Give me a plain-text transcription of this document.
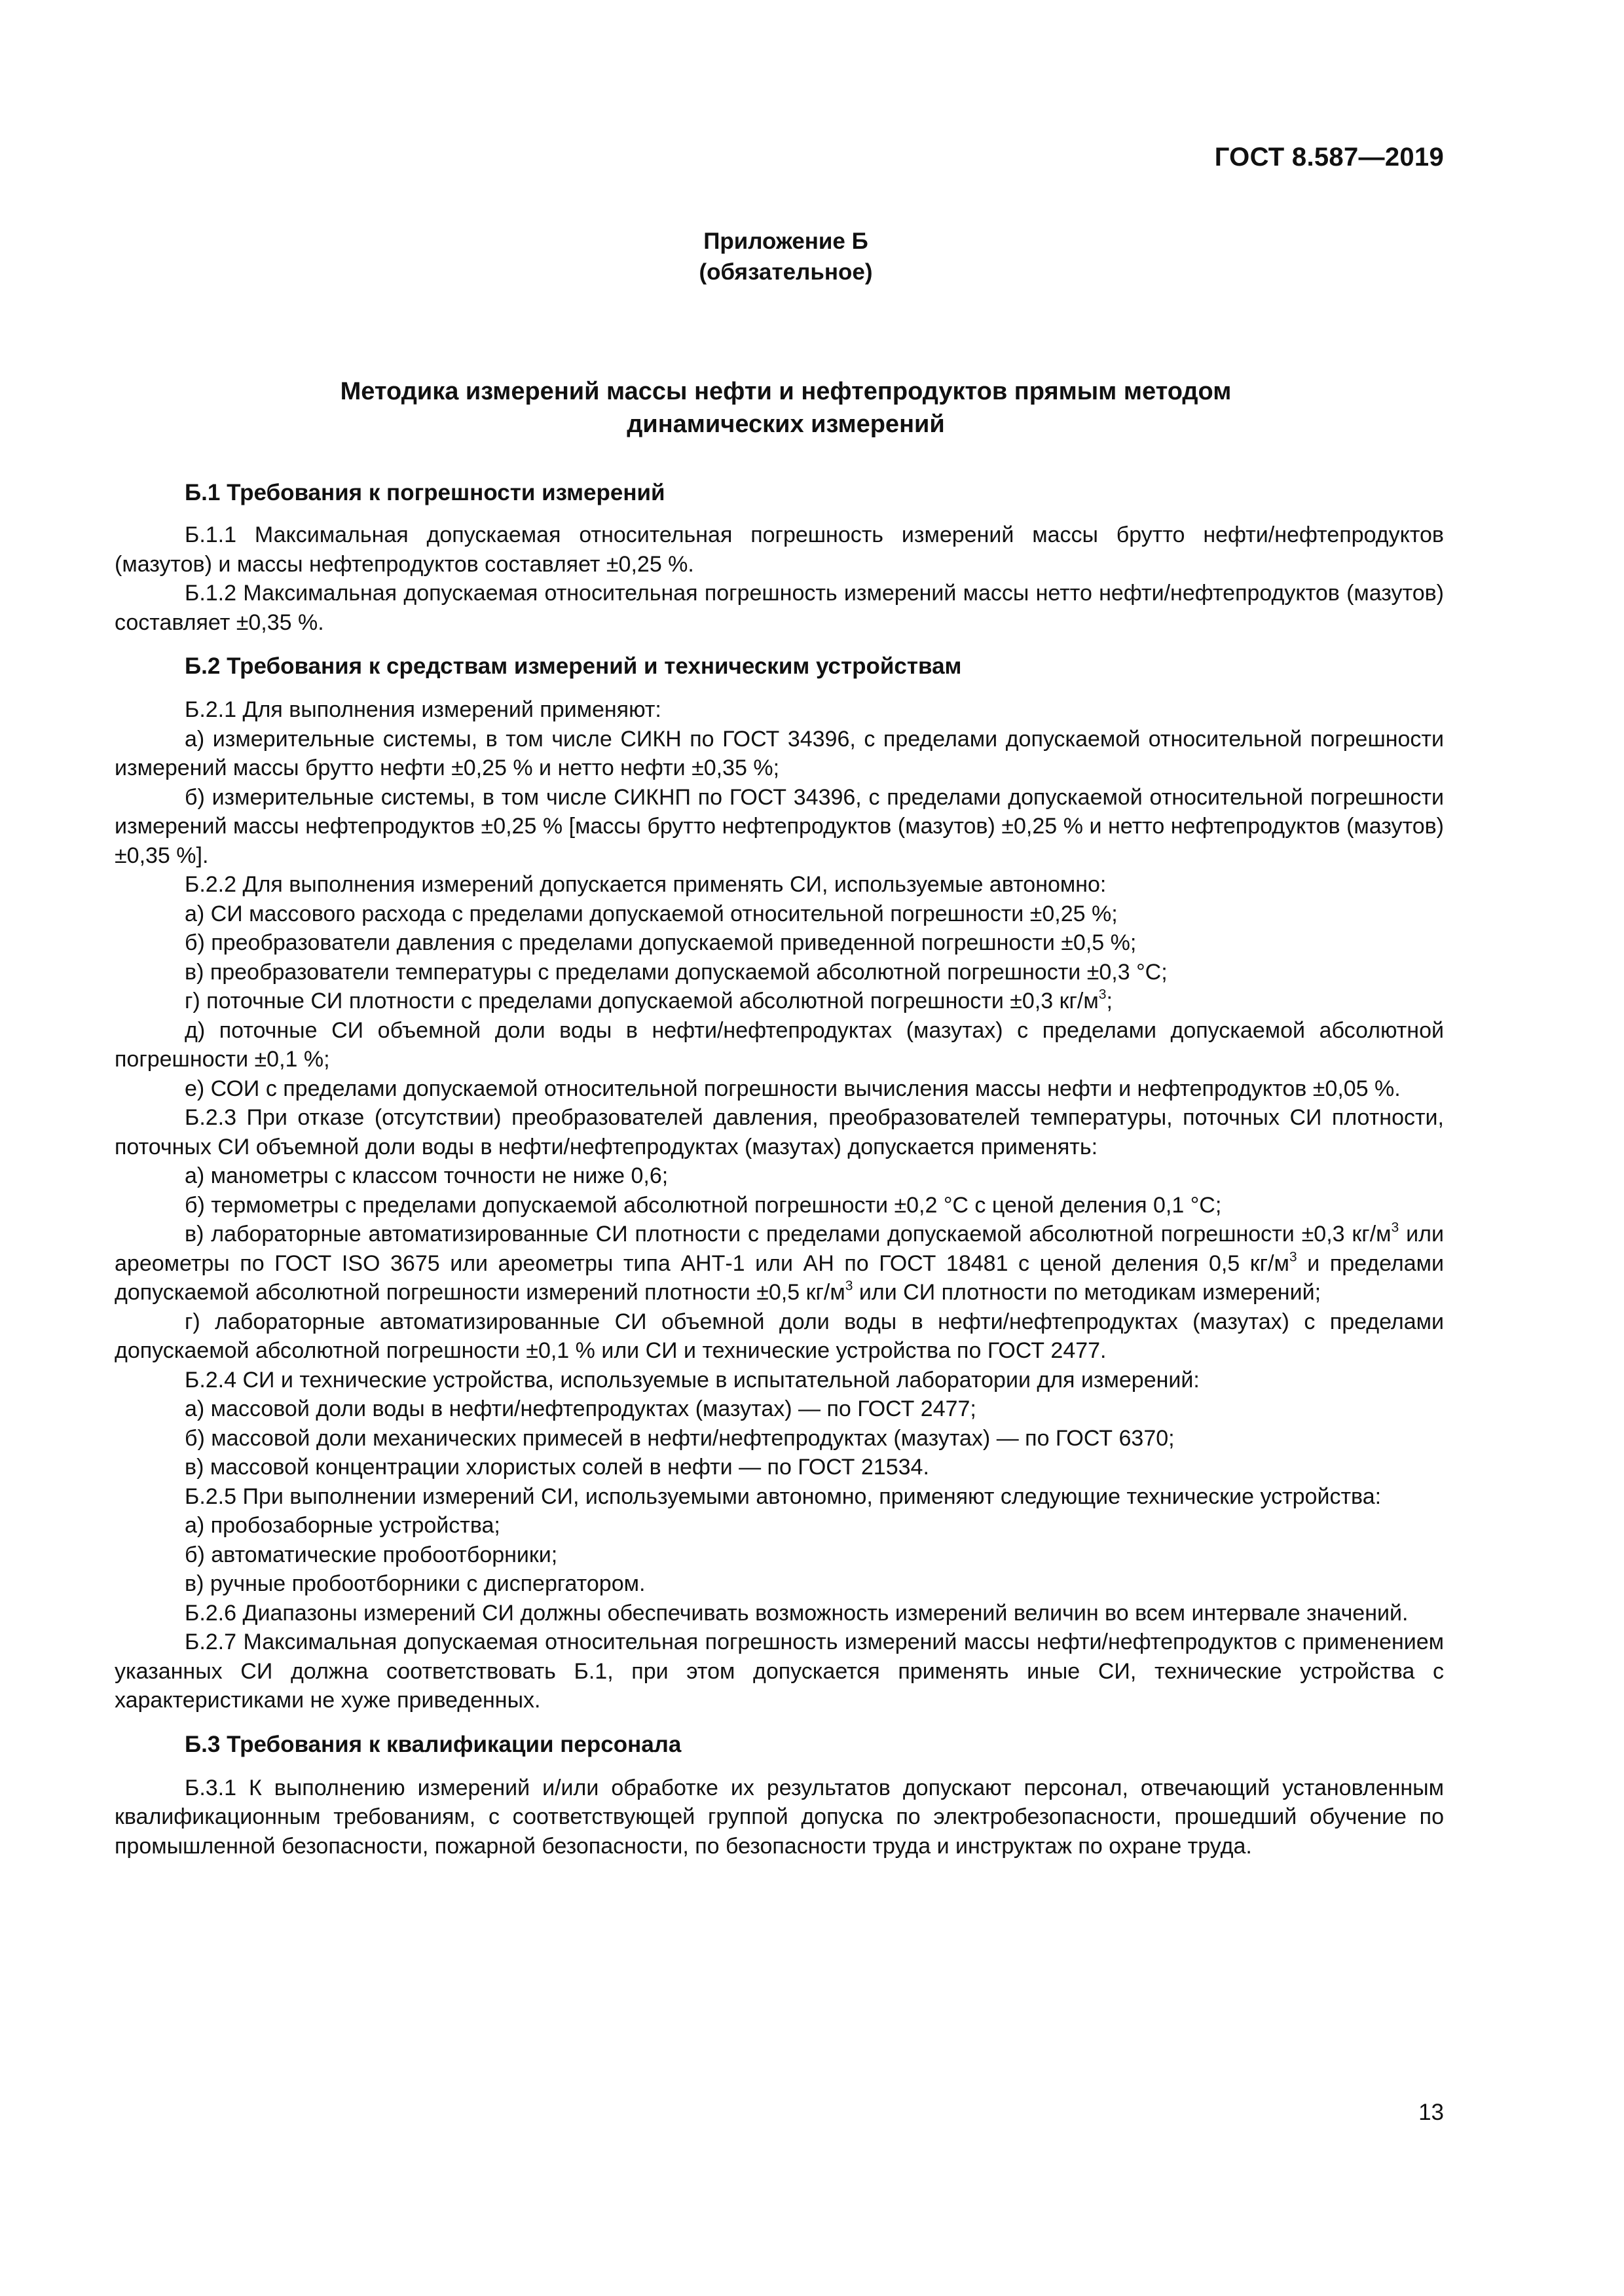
ГОСТ 8.587—2019
Приложение Б
(обязательное)
Методика измерений массы нефти и нефтепродуктов прямым методом
динамических измерений
Б.1 Требования к погрешности измерений

Б.1.1 Максимальная допускаемая относительная погрешность измерений массы брутто нефти/нефтепродуктов (мазутов) и массы нефтепродуктов составляет ±0,25 %.

Б.1.2 Максимальная допускаемая относительная погрешность измерений массы нетто нефти/нефтепродуктов (мазутов) составляет ±0,35 %.

Б.2 Требования к средствам измерений и техническим устройствам

Б.2.1 Для выполнения измерений применяют:

а) измерительные системы, в том числе СИКН по ГОСТ 34396, с пределами допускаемой относительной погрешности измерений массы брутто нефти ±0,25 % и нетто нефти ±0,35 %;

б) измерительные системы, в том числе СИКНП по ГОСТ 34396, с пределами допускаемой относительной погрешности измерений массы нефтепродуктов ±0,25 % [массы брутто нефтепродуктов (мазутов) ±0,25 % и нетто нефтепродуктов (мазутов) ±0,35 %].

Б.2.2 Для выполнения измерений допускается применять СИ, используемые автономно:

а) СИ массового расхода с пределами допускаемой относительной погрешности ±0,25 %;

б) преобразователи давления с пределами допускаемой приведенной погрешности ±0,5 %;

в) преобразователи температуры с пределами допускаемой абсолютной погрешности ±0,3 °С;

г) поточные СИ плотности с пределами допускаемой абсолютной погрешности ±0,3 $кг/м^3$;

д) поточные СИ объемной доли воды в нефти/нефтепродуктах (мазутах) с пределами допускаемой абсолютной погрешности ±0,1 %;

е) СОИ с пределами допускаемой относительной погрешности вычисления массы нефти и нефтепродуктов ±0,05 %.

Б.2.3 При отказе (отсутствии) преобразователей давления, преобразователей температуры, поточных СИ плотности, поточных СИ объемной доли воды в нефти/нефтепродуктах (мазутах) допускается применять:

а) манометры с классом точности не ниже 0,6;

б) термометры с пределами допускаемой абсолютной погрешности ±0,2 °С с ценой деления 0,1 °С;

в) лабораторные автоматизированные СИ плотности с пределами допускаемой абсолютной погрешности ±0,3 $кг/м^3$ или ареометры по ГОСТ ISO 3675 или ареометры типа АНТ-1 или АН по ГОСТ 18481 с ценой деления 0,5 $кг/м^3$ и пределами допускаемой абсолютной погрешности измерений плотности ±0,5 $кг/м^3$ или СИ плотности по методикам измерений;

г) лабораторные автоматизированные СИ объемной доли воды в нефти/нефтепродуктах (мазутах) с пределами допускаемой абсолютной погрешности ±0,1 % или СИ и технические устройства по ГОСТ 2477.

Б.2.4 СИ и технические устройства, используемые в испытательной лаборатории для измерений:

а) массовой доли воды в нефти/нефтепродуктах (мазутах) — по ГОСТ 2477;

б) массовой доли механических примесей в нефти/нефтепродуктах (мазутах) — по ГОСТ 6370;

в) массовой концентрации хлористых солей в нефти — по ГОСТ 21534.

Б.2.5 При выполнении измерений СИ, используемыми автономно, применяют следующие технические устройства:

а) пробозаборные устройства;

б) автоматические пробоотборники;

в) ручные пробоотборники с диспергатором.

Б.2.6 Диапазоны измерений СИ должны обеспечивать возможность измерений величин во всем интервале значений.

Б.2.7 Максимальная допускаемая относительная погрешность измерений массы нефти/нефтепродуктов с применением указанных СИ должна соответствовать Б.1, при этом допускается применять иные СИ, технические устройства с характеристиками не хуже приведенных.

Б.3 Требования к квалификации персонала

Б.3.1 К выполнению измерений и/или обработке их результатов допускают персонал, отвечающий установленным квалификационным требованиям, с соответствующей группой допуска по электробезопасности, прошедший обучение по промышленной безопасности, пожарной безопасности, по безопасности труда и инструктаж по охране труда.

13
